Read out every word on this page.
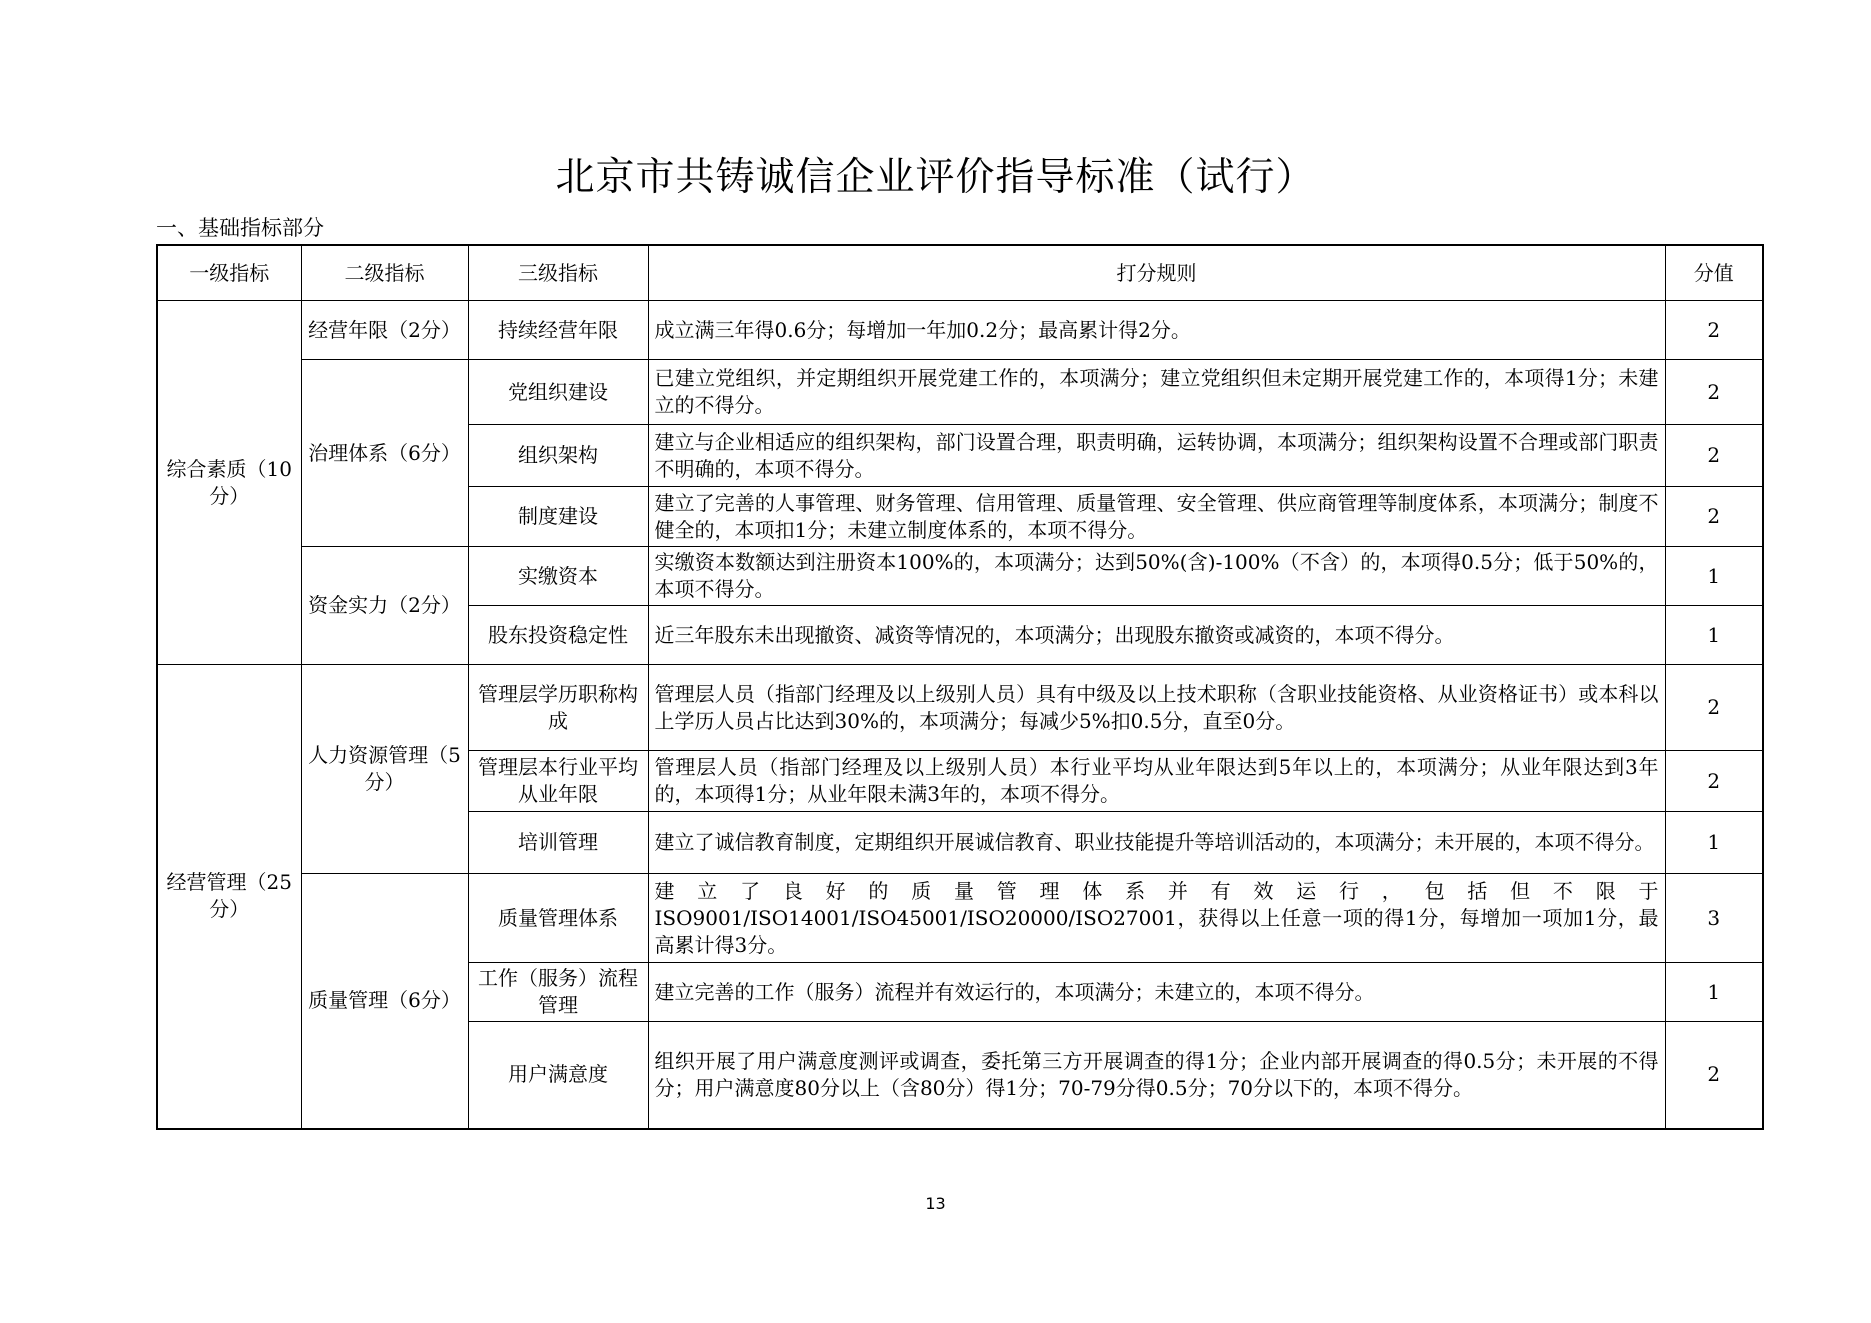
北京市共铸诚信企业评价指导标准（试行）
一、基础指标部分
一级指标	二级指标	三级指标	打分规则	分值
综合素质（10分）	经营年限（2分）	持续经营年限	成立满三年得0.6分；每增加一年加0.2分；最高累计得2分。	2
	治理体系（6分）	党组织建设	已建立党组织，并定期组织开展党建工作的，本项满分；建立党组织但未定期开展党建工作的，本项得1分；未建立的不得分。	2
		组织架构	建立与企业相适应的组织架构，部门设置合理，职责明确，运转协调，本项满分；组织架构设置不合理或部门职责不明确的，本项不得分。	2
		制度建设	建立了完善的人事管理、财务管理、信用管理、质量管理、安全管理、供应商管理等制度体系，本项满分；制度不健全的，本项扣1分；未建立制度体系的，本项不得分。	2
	资金实力（2分）	实缴资本	实缴资本数额达到注册资本100%的，本项满分；达到50%(含)-100%（不含）的，本项得0.5分；低于50%的，本项不得分。	1
		股东投资稳定性	近三年股东未出现撤资、减资等情况的，本项满分；出现股东撤资或减资的，本项不得分。	1
经营管理（25分）	人力资源管理（5分）	管理层学历职称构成	管理层人员（指部门经理及以上级别人员）具有中级及以上技术职称（含职业技能资格、从业资格证书）或本科以上学历人员占比达到30%的，本项满分；每减少5%扣0.5分，直至0分。	2
		管理层本行业平均从业年限	管理层人员（指部门经理及以上级别人员）本行业平均从业年限达到5年以上的，本项满分；从业年限达到3年的，本项得1分；从业年限未满3年的，本项不得分。	2
		培训管理	建立了诚信教育制度，定期组织开展诚信教育、职业技能提升等培训活动的，本项满分；未开展的，本项不得分。	1
	质量管理（6分）	质量管理体系	建立了良好的质量管理体系并有效运行，包括但不限于ISO9001/ISO14001/ISO45001/ISO20000/ISO27001，获得以上任意一项的得1分，每增加一项加1分，最高累计得3分。	3
		工作（服务）流程管理	建立完善的工作（服务）流程并有效运行的，本项满分；未建立的，本项不得分。	1
		用户满意度	组织开展了用户满意度测评或调查，委托第三方开展调查的得1分；企业内部开展调查的得0.5分；未开展的不得分；用户满意度80分以上（含80分）得1分；70-79分得0.5分；70分以下的，本项不得分。	2
13
